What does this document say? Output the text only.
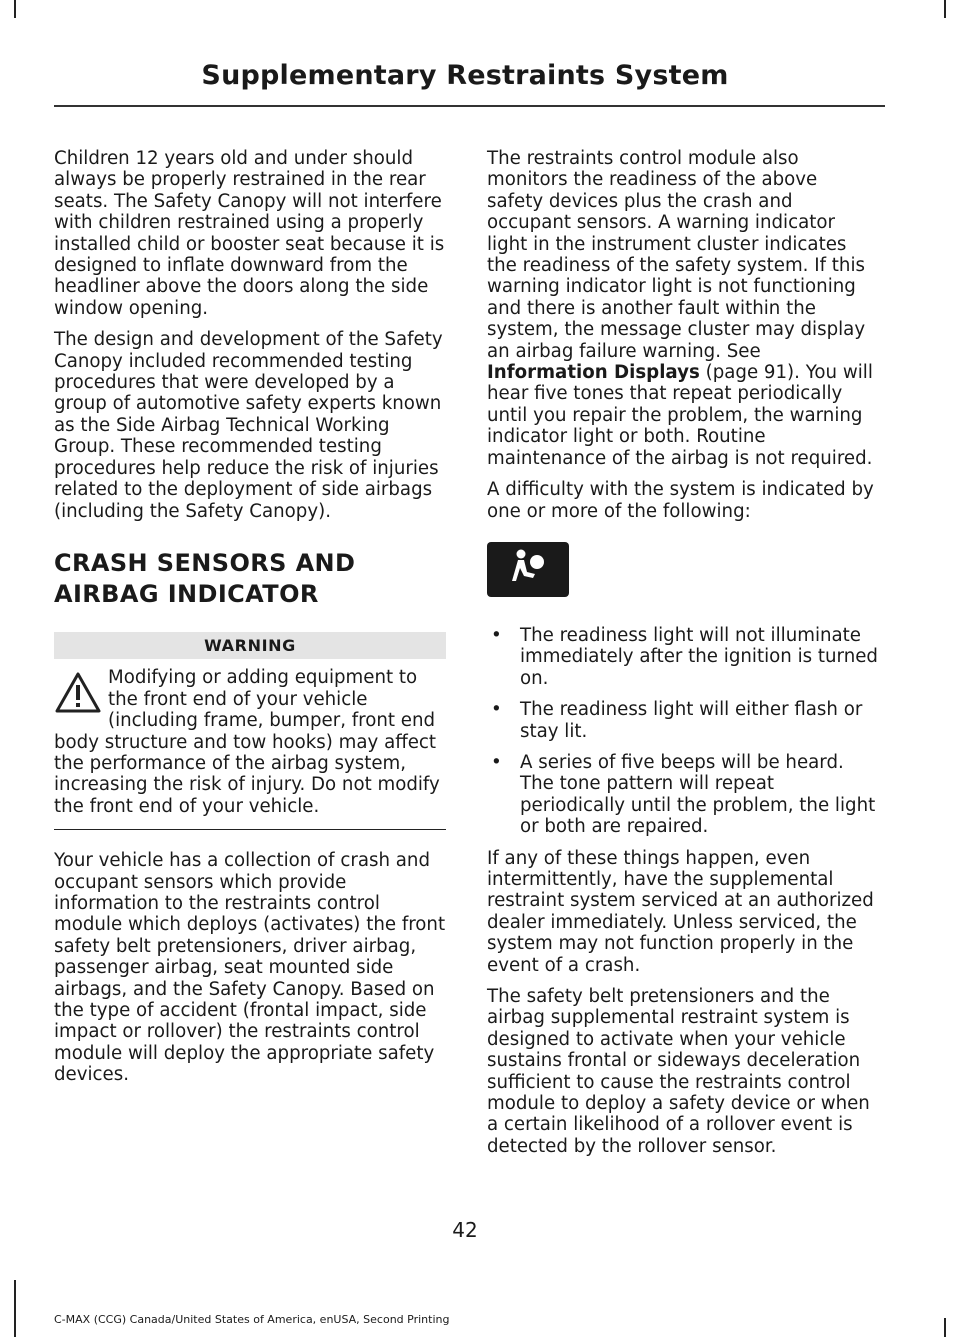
Supplementary Restraints System

Children 12 years old and under should always be properly restrained in the rear seats. The Safety Canopy will not interfere with children restrained using a properly installed child or booster seat because it is designed to inflate downward from the headliner above the doors along the side window opening.

The design and development of the Safety Canopy included recommended testing procedures that were developed by a group of automotive safety experts known as the Side Airbag Technical Working Group. These recommended testing procedures help reduce the risk of injuries related to the deployment of side airbags (including the Safety Canopy).

CRASH SENSORS AND
AIRBAG INDICATOR
WARNING
Modifying or adding equipment to the front end of your vehicle (including frame, bumper, front end body structure and tow hooks) may affect the performance of the airbag system, increasing the risk of injury. Do not modify the front end of your vehicle.

Your vehicle has a collection of crash and occupant sensors which provide information to the restraints control module which deploys (activates) the front safety belt pretensioners, driver airbag, passenger airbag, seat mounted side airbags, and the Safety Canopy. Based on the type of accident (frontal impact, side impact or rollover) the restraints control module will deploy the appropriate safety devices.

The restraints control module also monitors the readiness of the above safety devices plus the crash and occupant sensors. A warning indicator light in the instrument cluster indicates the readiness of the safety system. If this warning indicator light is not functioning and there is another fault within the system, the message cluster may display an airbag failure warning. See Information Displays (page 91). You will hear five tones that repeat periodically until you repair the problem, the warning indicator light or both. Routine maintenance of the airbag is not required.

A difficulty with the system is indicated by one or more of the following:

• The readiness light will not illuminate immediately after the ignition is turned on.
• The readiness light will either flash or stay lit.
• A series of five beeps will be heard. The tone pattern will repeat periodically until the problem, the light or both are repaired.

If any of these things happen, even intermittently, have the supplemental restraint system serviced at an authorized dealer immediately. Unless serviced, the system may not function properly in the event of a crash.

The safety belt pretensioners and the airbag supplemental restraint system is designed to activate when your vehicle sustains frontal or sideways deceleration sufficient to cause the restraints control module to deploy a safety device or when a certain likelihood of a rollover event is detected by the rollover sensor.

42
C-MAX (CCG) Canada/United States of America, enUSA, Second Printing
